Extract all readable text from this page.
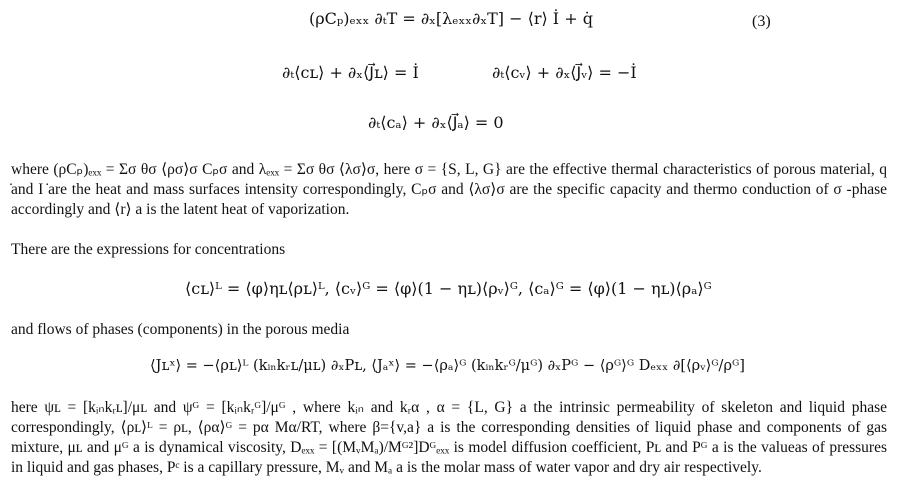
(ρCₚ)ₑₓₓ ∂ₜT = ∂ₓ[λₑₓₓ∂ₓT] − ⟨r⟩ İ + q̇	(3)
∂ₜ⟨cʟ⟩ + ∂ₓ⟨J⃗ʟ⟩ = İ	∂ₜ⟨cᵥ⟩ + ∂ₓ⟨J⃗ᵥ⟩ = −İ
∂ₜ⟨cₐ⟩ + ∂ₓ⟨J⃗ₐ⟩ = 0
where (ρCₚ)ₑₓₓ = Σσ θσ ⟨ρσ⟩σ Cₚσ and λₑₓₓ = Σσ θσ ⟨λσ⟩σ, here σ = {S, L, G} are the effective thermal characteristics of porous material, q ̇and I ̇are the heat and mass surfaces intensity correspondingly, Cₚσ and ⟨λσ⟩σ are the specific capacity and thermo conduction of σ -phase accordingly and ⟨r⟩ a is the latent heat of vaporization.
There are the expressions for concentrations
⟨cʟ⟩ᴸ = ⟨φ⟩ηʟ⟨ρʟ⟩ᴸ, ⟨cᵥ⟩ᴳ = ⟨φ⟩(1 − ηʟ)⟨ρᵥ⟩ᴳ, ⟨cₐ⟩ᴳ = ⟨φ⟩(1 − ηʟ)⟨ρₐ⟩ᴳ
and flows of phases (components) in the porous media
⟨Jʟˣ⟩ = −⟨ρʟ⟩ᴸ (kᵢₙkᵣʟ/μʟ) ∂ₓPʟ, ⟨Jₐˣ⟩ = −⟨ρₐ⟩ᴳ (kᵢₙkᵣᴳ/μᴳ) ∂ₓPᴳ − ⟨ρᴳ⟩ᴳ Dₑₓₓ ∂[⟨ρᵥ⟩ᴳ/ρᴳ]
here ψʟ = [kᵢₙkᵣʟ]/μʟ and ψᴳ = [kᵢₙkᵣᴳ]/μᴳ , where kᵢₙ and kᵣα , α = {L, G} a the intrinsic permeability of skeleton and liquid phase correspondingly, ⟨ρʟ⟩ᴸ = ρʟ, ⟨ρα⟩ᴳ = pα Mα/RT, where β={v,a} a is the corresponding densities of liquid phase and components of gas mixture, μʟ and μᴳ a is dynamical viscosity, Dₑₓₓ = [(MᵥMₐ)/Mᴳ²]Dᴳₑₓₓ is model diffusion coefficient, Pʟ and Pᴳ a is the valueas of pressures in liquid and gas phases, Pᶜ is a capillary pressure, Mᵥ and Mₐ a is the molar mass of water vapor and dry air respectively.
